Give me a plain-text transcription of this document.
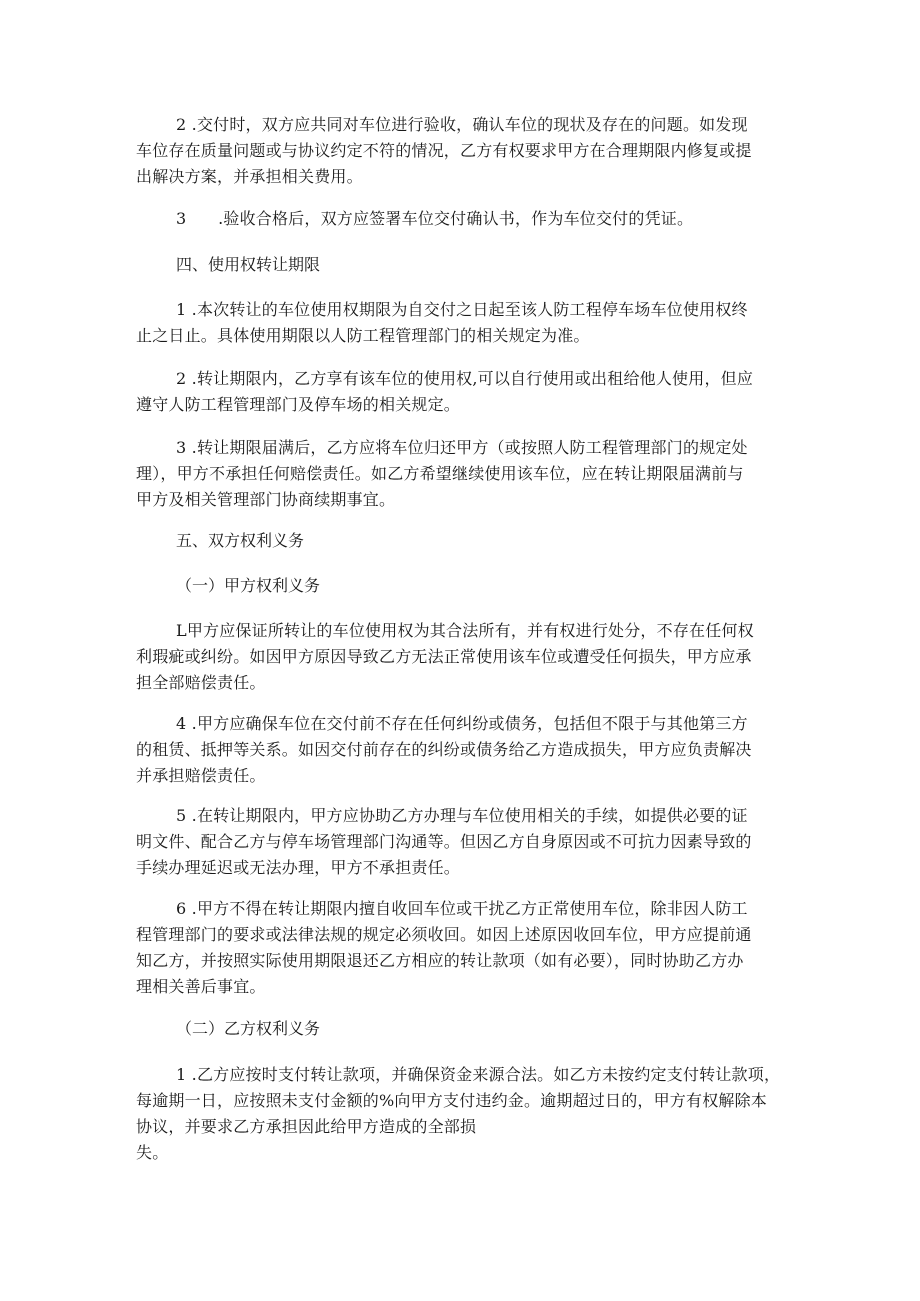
2 .交付时，双方应共同对车位进行验收，确认车位的现状及存在的问题。如发现
车位存在质量问题或与协议约定不符的情况，乙方有权要求甲方在合理期限内修复或提
出解决方案，并承担相关费用。
3      .验收合格后，双方应签署车位交付确认书，作为车位交付的凭证。
四、使用权转让期限
1 .本次转让的车位使用权期限为自交付之日起至该人防工程停车场车位使用权终
止之日止。具体使用期限以人防工程管理部门的相关规定为准。
2 .转让期限内，乙方享有该车位的使用权,可以自行使用或出租给他人使用，但应
遵守人防工程管理部门及停车场的相关规定。
3 .转让期限届满后，乙方应将车位归还甲方（或按照人防工程管理部门的规定处
理），甲方不承担任何赔偿责任。如乙方希望继续使用该车位，应在转让期限届满前与
甲方及相关管理部门协商续期事宜。
五、双方权利义务
（一）甲方权利义务
L甲方应保证所转让的车位使用权为其合法所有，并有权进行处分，不存在任何权
利瑕疵或纠纷。如因甲方原因导致乙方无法正常使用该车位或遭受任何损失，甲方应承
担全部赔偿责任。
4 .甲方应确保车位在交付前不存在任何纠纷或债务，包括但不限于与其他第三方
的租赁、抵押等关系。如因交付前存在的纠纷或债务给乙方造成损失，甲方应负责解决
并承担赔偿责任。
5 .在转让期限内，甲方应协助乙方办理与车位使用相关的手续，如提供必要的证
明文件、配合乙方与停车场管理部门沟通等。但因乙方自身原因或不可抗力因素导致的
手续办理延迟或无法办理，甲方不承担责任。
6 .甲方不得在转让期限内擅自收回车位或干扰乙方正常使用车位，除非因人防工
程管理部门的要求或法律法规的规定必须收回。如因上述原因收回车位，甲方应提前通
知乙方，并按照实际使用期限退还乙方相应的转让款项（如有必要），同时协助乙方办
理相关善后事宜。
（二）乙方权利义务
1 .乙方应按时支付转让款项，并确保资金来源合法。如乙方未按约定支付转让款项，
每逾期一日，应按照未支付金额的%向甲方支付违约金。逾期超过日的，甲方有权解除本
协议，并要求乙方承担因此给甲方造成的全部损
失。
